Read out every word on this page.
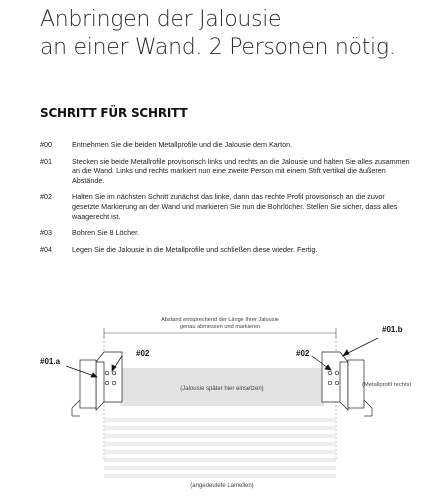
Anbringen der Jalousie
an einer Wand. 2 Personen nötig.
SCHRITT FÜR SCHRITT
#00	Entnehmen Sie die beiden Metallprofile und die Jalousie dem Karton.
#01	Stecken sie beide Metallrofile provisorisch links und rechts an die Jalousie und halten Sie alles zusammen an die Wand. Links und rechts markiert nun eine zweite Person mit einem Stift vertikal die äußeren Abstände.
#02	Halten Sie im nächsten Schritt zunächst das linke, dann das rechte Profil provisorisch an die zuvor gesetzte Markierung an der Wand und markieren Sie nun die Bohrlöcher. Stellen Sie sicher, dass alles waagerecht ist.
#03	Bohren Sie 8 Löcher.
#04	Legen Sie die Jalousie in die Metallprofile und schließen diese wieder. Fertig.
Abstand entsprechend der Länge Ihrer Jalousie
genau abmessen und markieren
(Jalousie später hier einsetzen)
(angedeutete Lamellen)
#01.a
#02	#02
#01.b
(Metallprofil rechts)
